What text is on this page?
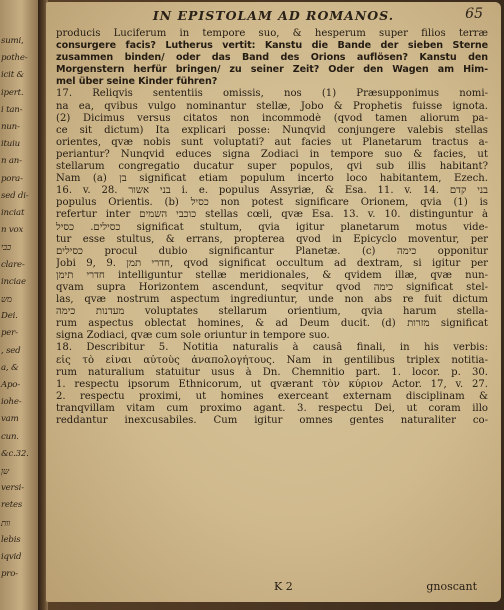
sumi,
pothe-
icit &
ipert.
i tan-
nun-
ituiu
n an-
pora-
sed di-
inciat
n vox
כבי
clare-
inciae
מש
Dei.
per-
, sed
a, &
Apo-
iohe-
vam
cun.
&c.32.
שן
versi-
retes
וות
lebis
iqvid
pro-
IN EPISTOLAM AD ROMANOS.	65
producis Luciferum in tempore suo, & hesperum super filios terræ
consurgere facis? Lutherus vertit: Kanstu die Bande der sieben Sterne
zusammen binden/ oder das Band des Orions auflösen? Kanstu den
Morgenstern herfür bringen/ zu seiner Zeit? Oder den Wagen am Him-
mel über seine Kinder führen?
17. Reliqvis sententiis omissis, nos (1) Præsupponimus nomi-
na ea, qvibus vulgo nominantur stellæ, Jobo & Prophetis fuisse ignota.
(2) Dicimus versus citatos non incommodè (qvod tamen aliorum pa-
ce sit dictum) Ita explicari posse: Nunqvid conjungere valebis stellas
orientes, qvæ nobis sunt voluptati? aut facies ut Planetarum tractus a-
periantur? Nunqvid educes signa Zodiaci in tempore suo & facies, ut
stellarum congregatio ducatur super populos, qvi sub illis habitant?
Nam (a) בן significat etiam populum incerto loco habitantem, Ezech.
16. v. 28. בני אשור i. e. populus Assyriæ, & Esa. 11. v. 14. בני קדם
populus Orientis. (b) כסיל non potest significare Orionem, qvia (1) is
refertur inter כוכבי השמים stellas cœli, qvæ Esa. 13. v. 10. distinguntur à
כסילים. כסיל significat stultum, qvia igitur planetarum motus vide-
tur esse stultus, & errans, propterea qvod in Epicyclo moventur, per
כסילים procul dubio significantur Planetæ. (c) כימה opponitur
Jobi 9, 9. חדרי תמן, qvod significat occultum ad dextram, si igitur per
חדרי תימן intelliguntur stellæ meridionales, & qvidem illæ, qvæ nun-
qvam supra Horizontem ascendunt, seqvitur qvod כימה significat stel-
las, qvæ nostrum aspectum ingrediuntur, unde non abs re fuit dictum
מעדנות כימה voluptates stellarum orientium, qvia harum stella-
rum aspectus oblectat homines, & ad Deum ducit. (d) מזרות significat
signa Zodiaci, qvæ cum sole oriuntur in tempore suo.
18. Describitur 5. Notitia naturalis à causâ finali, in his verbis:
εἰς τὸ εἶναι αὐτοὺς ἀναπολογήτους. Nam in gentilibus triplex notitia-
rum naturalium statuitur usus à Dn. Chemnitio part. 1. locor. p. 30.
1. respectu ipsorum Ethnicorum, ut qværant τὸν κύριον Actor. 17, v. 27.
2. respectu proximi, ut homines exerceant externam disciplinam &
tranqvillam vitam cum proximo agant. 3. respectu Dei, ut coram illo
reddantur inexcusabiles. Cum igitur omnes gentes naturaliter co-
K 2	gnoscant
